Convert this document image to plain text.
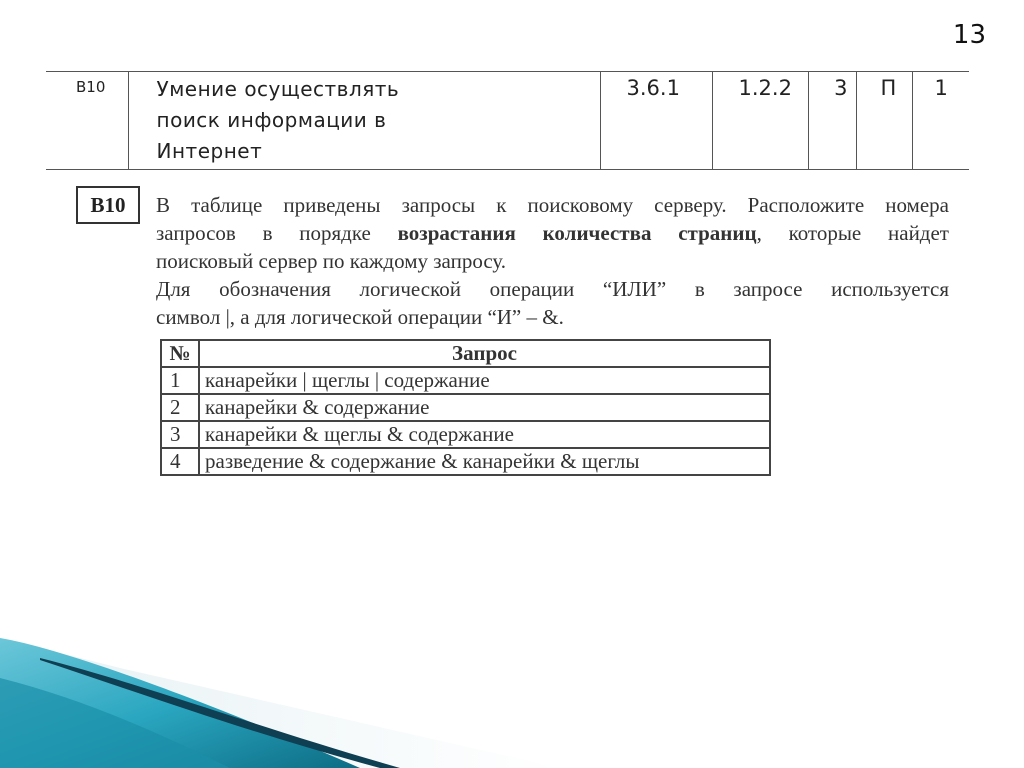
13
B10	Умение осуществлять
поиск информации в
Интернет
	3.6.1	1.2.2	3	П	1
B10	В таблице приведены запросы к поисковому серверу. Расположите номера

запросов в порядке возрастания количества страниц, которые найдет

поисковый сервер по каждому запросу.

Для обозначения логической операции “ИЛИ” в запросе используется

символ |, а для логической операции “И” – &.

№	Запрос
1	канарейки | щеглы | содержание
2	канарейки & содержание
3	канарейки & щеглы & содержание
4	разведение & содержание & канарейки & щеглы
